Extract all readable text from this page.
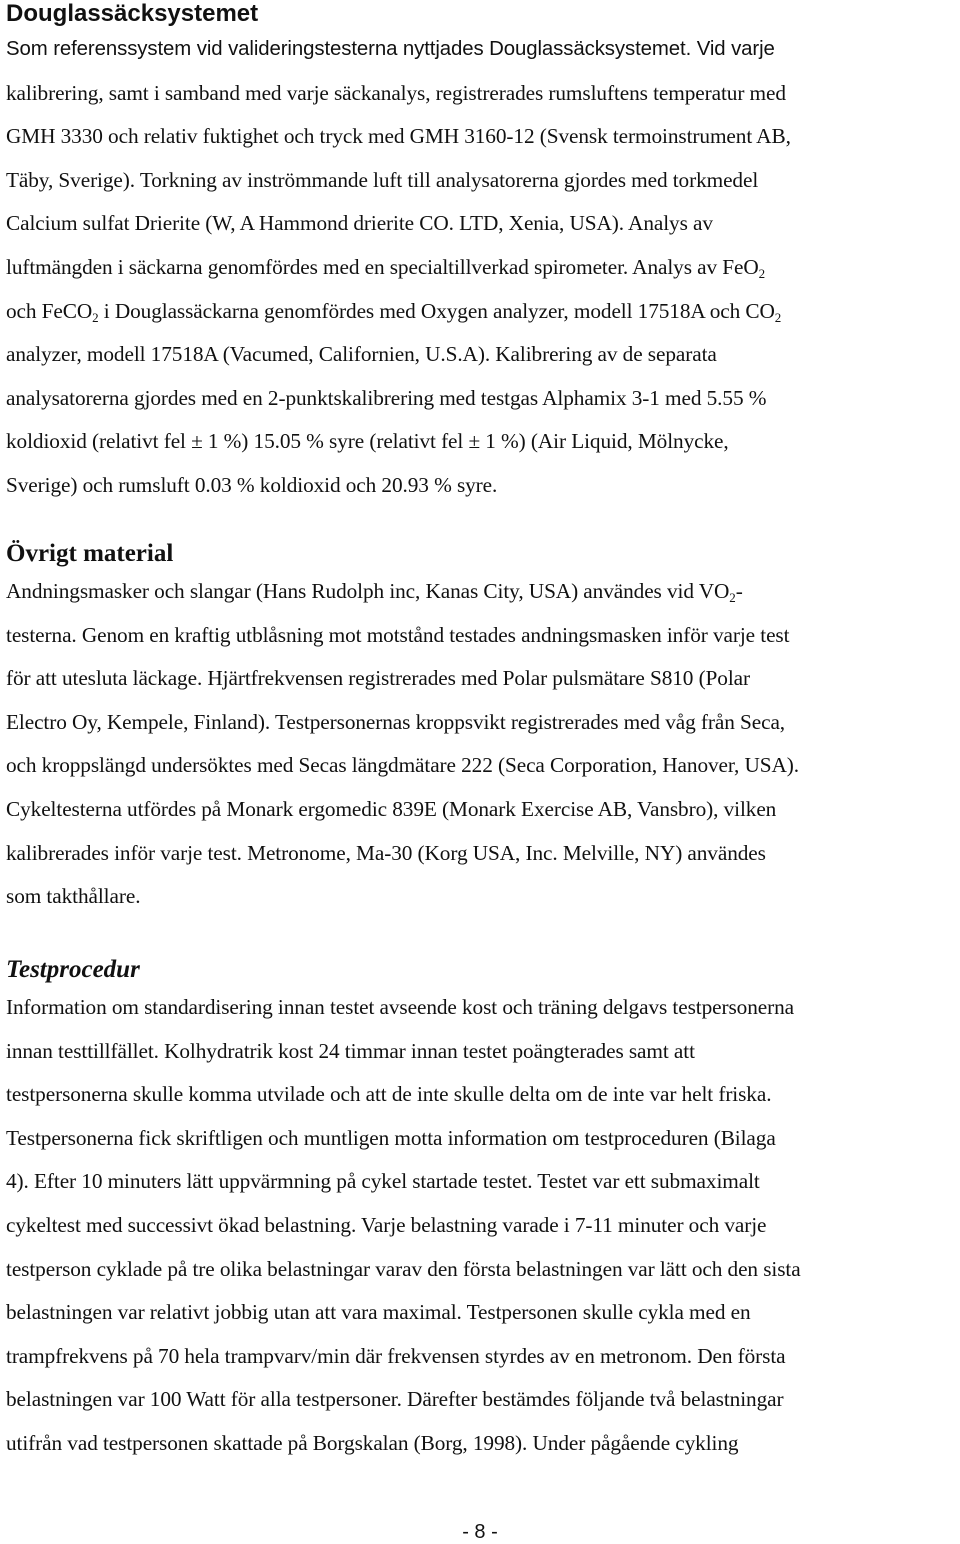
Douglassäcksystemet

Som referenssystem vid valideringstesterna nyttjades Douglassäcksystemet. Vid varje

kalibrering, samt i samband med varje säckanalys, registrerades rumsluftens temperatur med

GMH 3330 och relativ fuktighet och tryck med GMH 3160-12 (Svensk termoinstrument AB,

Täby, Sverige). Torkning av inströmmande luft till analysatorerna gjordes med torkmedel

Calcium sulfat Drierite (W, A Hammond drierite CO. LTD, Xenia, USA). Analys av

luftmängden i säckarna genomfördes med en specialtillverkad spirometer. Analys av FeO$_2$

och FeCO$_2$ i Douglassäckarna genomfördes med Oxygen analyzer, modell 17518A och $CO_2$

analyzer, modell 17518A (Vacumed, Californien, U.S.A). Kalibrering av de separata

analysatorerna gjordes med en 2-punktskalibrering med testgas Alphamix 3-1 med 5.55 %

koldioxid (relativt fel ± 1 %) 15.05 % syre (relativt fel ± 1 %) (Air Liquid, Mölnycke,

Sverige) och rumsluft 0.03 % koldioxid och 20.93 % syre.

Övrigt material

Andningsmasker och slangar (Hans Rudolph inc, Kanas City, USA) användes vid $VO_2-$

testerna. Genom en kraftig utblåsning mot motstånd testades andningsmasken inför varje test

för att utesluta läckage. Hjärtfrekvensen registrerades med Polar pulsmätare S810 (Polar

Electro Oy, Kempele, Finland). Testpersonernas kroppsvikt registrerades med våg från Seca,

och kroppslängd undersöktes med Secas längdmätare 222 (Seca Corporation, Hanover, USA).

Cykeltesterna utfördes på Monark ergomedic 839E (Monark Exercise AB, Vansbro), vilken

kalibrerades inför varje test. Metronome, Ma-30 (Korg USA, Inc. Melville, NY) användes

som takthållare.

Testprocedur

Information om standardisering innan testet avseende kost och träning delgavs testpersonerna

innan testtillfället. Kolhydratrik kost 24 timmar innan testet poängterades samt att

testpersonerna skulle komma utvilade och att de inte skulle delta om de inte var helt friska.

Testpersonerna fick skriftligen och muntligen motta information om testproceduren (Bilaga

4). Efter 10 minuters lätt uppvärmning på cykel startade testet. Testet var ett submaximalt

cykeltest med successivt ökad belastning. Varje belastning varade i 7-11 minuter och varje

testperson cyklade på tre olika belastningar varav den första belastningen var lätt och den sista

belastningen var relativt jobbig utan att vara maximal. Testpersonen skulle cykla med en

trampfrekvens på 70 hela trampvarv/min där frekvensen styrdes av en metronom. Den första

belastningen var 100 Watt för alla testpersoner. Därefter bestämdes följande två belastningar

utifrån vad testpersonen skattade på Borgskalan (Borg, 1998). Under pågående cykling

- 8 -
